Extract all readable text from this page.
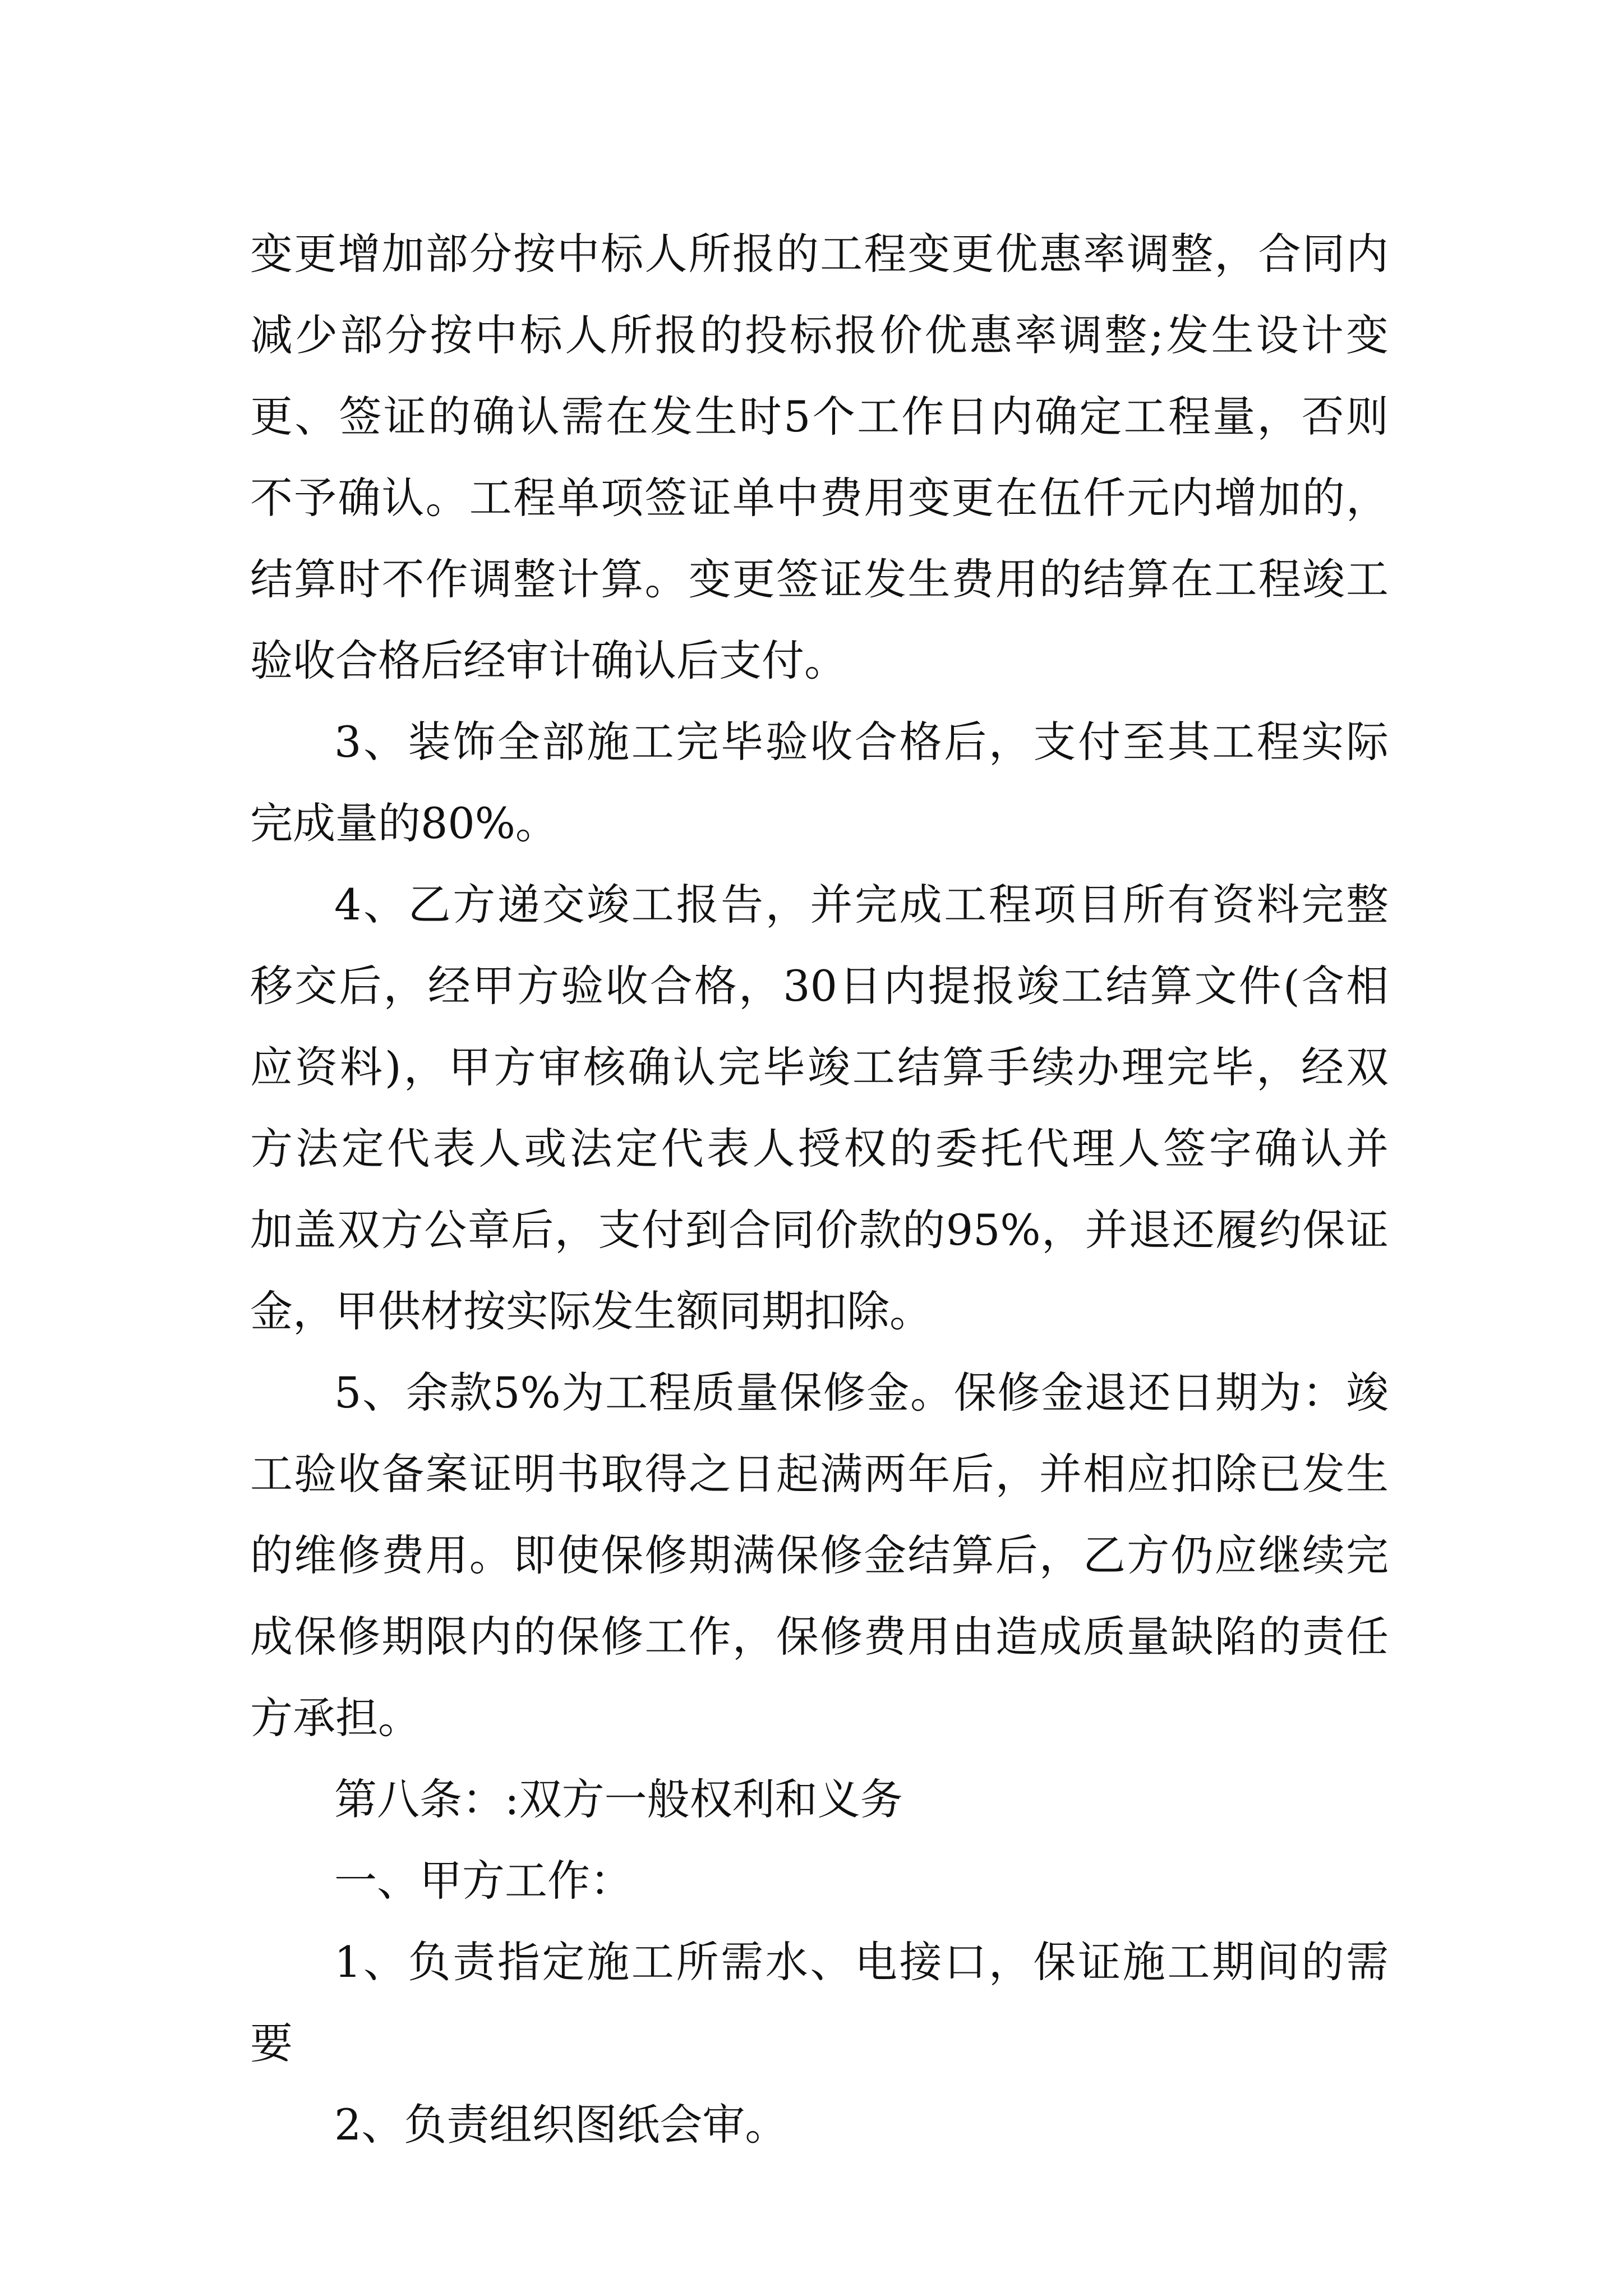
变更增加部分按中标人所报的工程变更优惠率调整，合同内
减少部分按中标人所报的投标报价优惠率调整;发生设计变
更、签证的确认需在发生时5个工作日内确定工程量，否则
不予确认。工程单项签证单中费用变更在伍仟元内增加的，
结算时不作调整计算。变更签证发生费用的结算在工程竣工
验收合格后经审计确认后支付。
3、装饰全部施工完毕验收合格后，支付至其工程实际
完成量的80%。
4、乙方递交竣工报告，并完成工程项目所有资料完整
移交后，经甲方验收合格，30日内提报竣工结算文件(含相
应资料)，甲方审核确认完毕竣工结算手续办理完毕，经双
方法定代表人或法定代表人授权的委托代理人签字确认并
加盖双方公章后，支付到合同价款的95%，并退还履约保证
金，甲供材按实际发生额同期扣除。
5、余款5%为工程质量保修金。保修金退还日期为：竣
工验收备案证明书取得之日起满两年后，并相应扣除已发生
的维修费用。即使保修期满保修金结算后，乙方仍应继续完
成保修期限内的保修工作，保修费用由造成质量缺陷的责任
方承担。
第八条：:双方一般权利和义务
一、甲方工作：
1、负责指定施工所需水、电接口，保证施工期间的需
要
2、负责组织图纸会审。
